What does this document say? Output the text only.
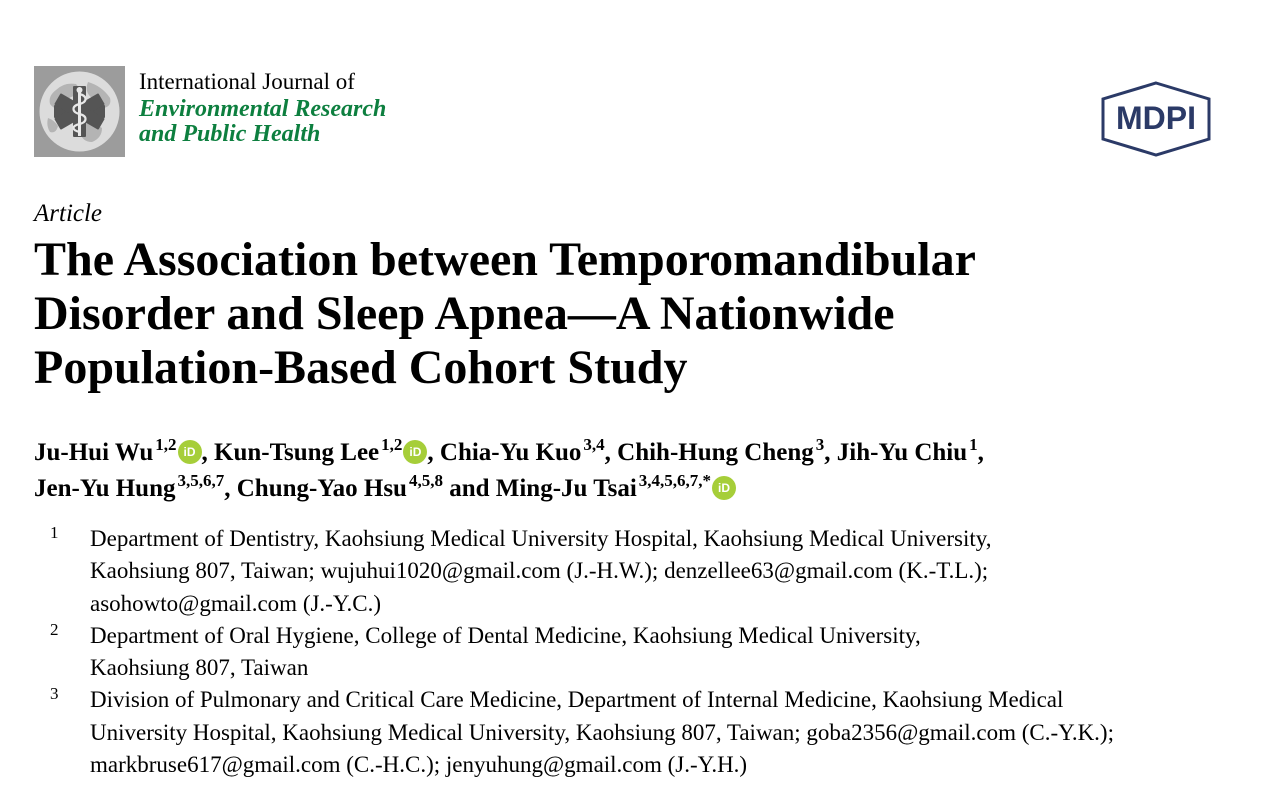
International Journal of
Environmental Research
and Public Health	MDPI
Article
The Association between Temporomandibular
Disorder and Sleep Apnea—A Nationwide
Population-Based Cohort Study
Ju-Hui Wu $^{1,2}$ iD , Kun-Tsung Lee $^{1,2}$ iD , Chia-Yu Kuo $^{3,4}$, Chih-Hung Cheng $^3$, Jih-Yu Chiu $^1$,
Jen-Yu Hung $^{3,5,6,7}$, Chung-Yao Hsu $^{4,5,8}$ and Ming-Ju Tsai $^{3,4,5,6,7,*}$ iD
1 Department of Dentistry, Kaohsiung Medical University Hospital, Kaohsiung Medical University,
Kaohsiung 807, Taiwan; wujuhui1020@gmail.com (J.-H.W.); denzellee63@gmail.com (K.-T.L.);
asohowto@gmail.com (J.-Y.C.)
2 Department of Oral Hygiene, College of Dental Medicine, Kaohsiung Medical University,
Kaohsiung 807, Taiwan
3 Division of Pulmonary and Critical Care Medicine, Department of Internal Medicine, Kaohsiung Medical
University Hospital, Kaohsiung Medical University, Kaohsiung 807, Taiwan; goba2356@gmail.com (C.-Y.K.);
markbruse617@gmail.com (C.-H.C.); jenyuhung@gmail.com (J.-Y.H.)
